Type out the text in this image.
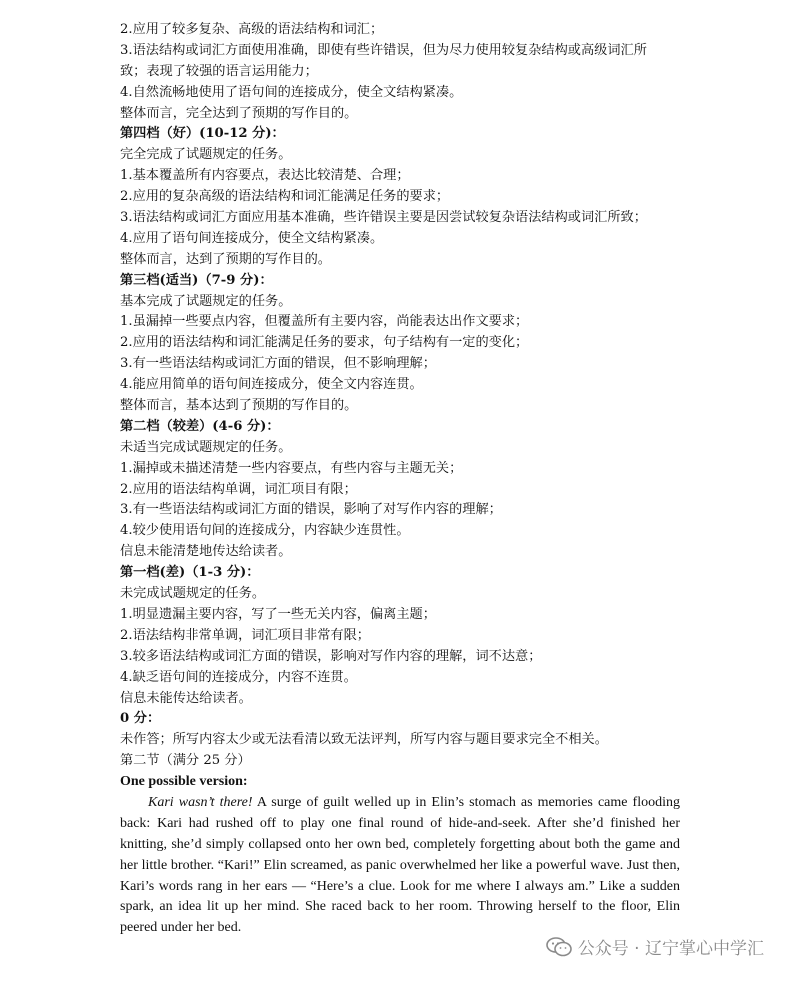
2.应用了较多复杂、高级的语法结构和词汇；
3.语法结构或词汇方面使用准确，即使有些许错误，但为尽力使用较复杂结构或高级词汇所
致；表现了较强的语言运用能力；
4.自然流畅地使用了语句间的连接成分，使全文结构紧凑。
整体而言，完全达到了预期的写作目的。
第四档（好）(10-12 分)：
完全完成了试题规定的任务。
1.基本覆盖所有内容要点，表达比较清楚、合理；
2.应用的复杂高级的语法结构和词汇能满足任务的要求；
3.语法结构或词汇方面应用基本准确，些许错误主要是因尝试较复杂语法结构或词汇所致；
4.应用了语句间连接成分，使全文结构紧凑。
整体而言，达到了预期的写作目的。
第三档(适当)（7-9 分)：
基本完成了试题规定的任务。
1.虽漏掉一些要点内容，但覆盖所有主要内容，尚能表达出作文要求；
2.应用的语法结构和词汇能满足任务的要求，句子结构有一定的变化；
3.有一些语法结构或词汇方面的错误，但不影响理解；
4.能应用简单的语句间连接成分，使全文内容连贯。
整体而言，基本达到了预期的写作目的。
第二档（较差）(4-6 分)：
未适当完成试题规定的任务。
1.漏掉或未描述清楚一些内容要点，有些内容与主题无关；
2.应用的语法结构单调，词汇项目有限；
3.有一些语法结构或词汇方面的错误，影响了对写作内容的理解；
4.较少使用语句间的连接成分，内容缺少连贯性。
信息未能清楚地传达给读者。
第一档(差)（1-3 分)：
未完成试题规定的任务。
1.明显遗漏主要内容，写了一些无关内容，偏离主题；
2.语法结构非常单调，词汇项目非常有限；
3.较多语法结构或词汇方面的错误，影响对写作内容的理解，词不达意；
4.缺乏语句间的连接成分，内容不连贯。
信息未能传达给读者。
0 分：
未作答；所写内容太少或无法看清以致无法评判，所写内容与题目要求完全不相关。
第二节（满分 25 分）
One possible version:

Kari wasn’t there! A surge of guilt welled up in Elin’s stomach as memories came flooding back: Kari had rushed off to play one final round of hide-and-seek. After she’d finished her knitting, she’d simply collapsed onto her own bed, completely forgetting about both the game and her little brother. “Kari!” Elin screamed, as panic overwhelmed her like a powerful wave. Just then, Kari’s words rang in her ears — “Here’s a clue. Look for me where I always am.” Like a sudden spark, an idea lit up her mind. She raced back to her room. Throwing herself to the floor, Elin peered under her bed.

公众号 · 辽宁掌心中学汇
